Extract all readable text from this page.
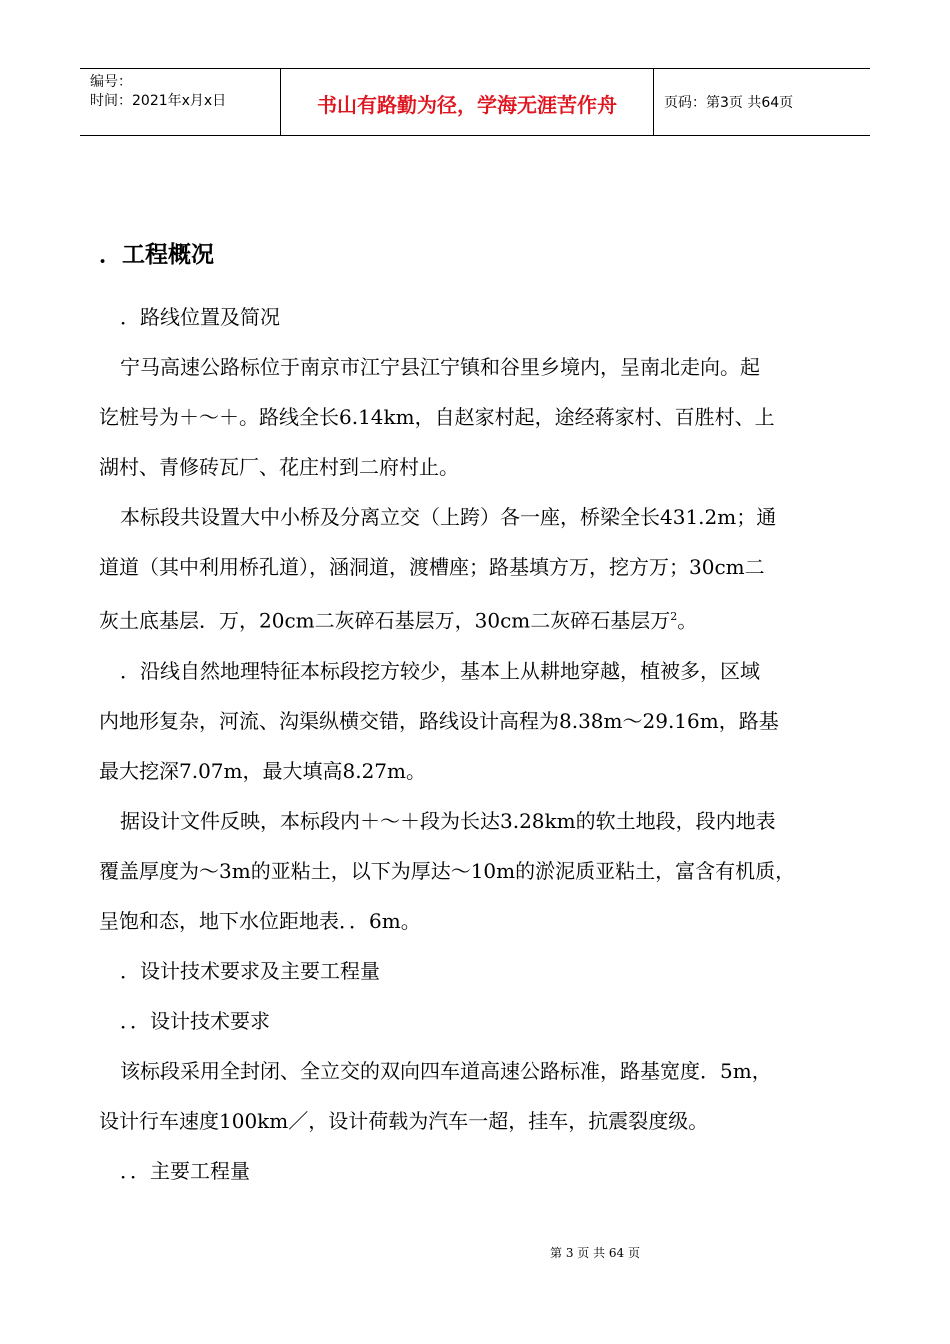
编号：
时间：2021年x月x日	书山有路勤为径，学海无涯苦作舟	页码：第3页 共64页
．工程概况
．路线位置及简况
宁马高速公路标位于南京市江宁县江宁镇和谷里乡境内，呈南北走向。起
讫桩号为＋～＋。路线全长6.14km，自赵家村起，途经蒋家村、百胜村、上
湖村、青修砖瓦厂、花庄村到二府村止。
本标段共设置大中小桥及分离立交（上跨）各一座，桥梁全长431.2m；通
道道（其中利用桥孔道），涵洞道，渡槽座；路基填方万，挖方万；30cm二
灰土底基层．万，20cm二灰碎石基层万，30cm二灰碎石基层万$^2$。
．沿线自然地理特征本标段挖方较少，基本上从耕地穿越，植被多，区域
内地形复杂，河流、沟渠纵横交错，路线设计高程为8.38m～29.16m，路基
最大挖深7.07m，最大填高8.27m。
据设计文件反映，本标段内＋～＋段为长达3.28km的软土地段，段内地表
覆盖厚度为～3m的亚粘土，以下为厚达～10m的淤泥质亚粘土，富含有机质，
呈饱和态，地下水位距地表．．6m。
．设计技术要求及主要工程量
．．设计技术要求
该标段采用全封闭、全立交的双向四车道高速公路标准，路基宽度．5m，
设计行车速度100km／，设计荷载为汽车一超，挂车，抗震裂度级。
．．主要工程量
第 3 页 共 64 页
